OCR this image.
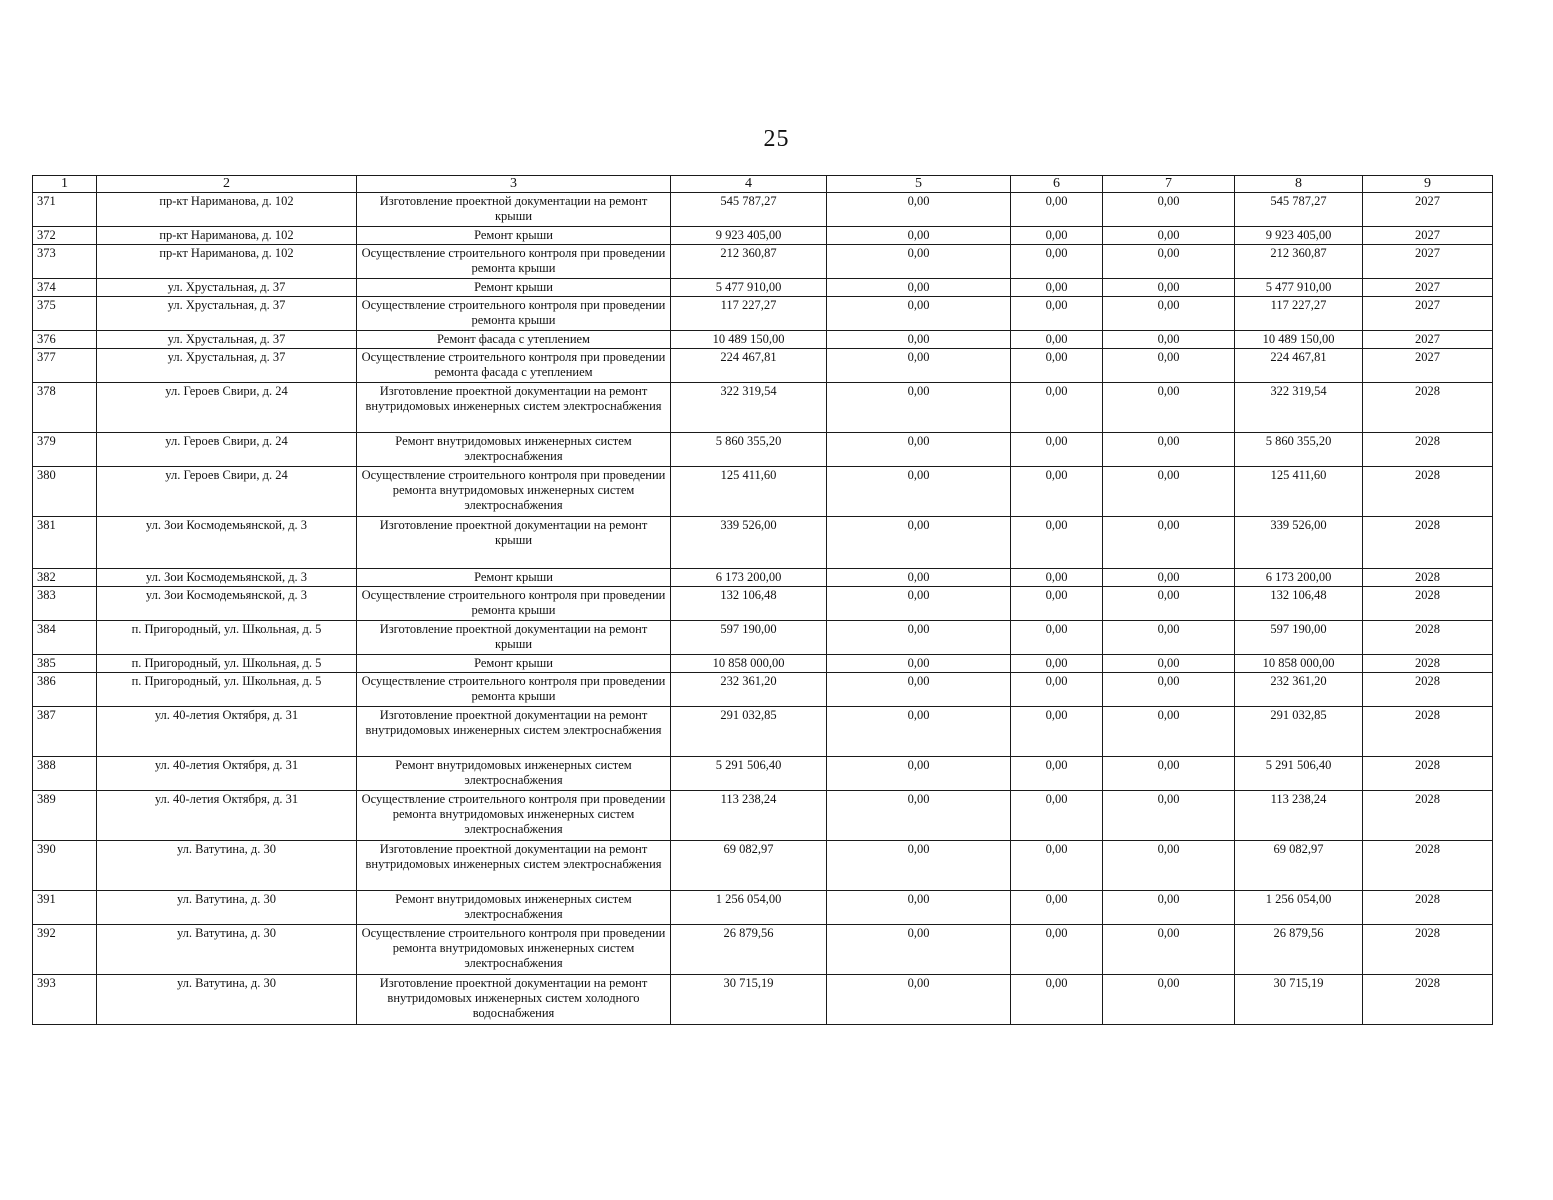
25
1	2	3	4	5	6	7	8	9
371	пр-кт Нариманова, д. 102	Изготовление проектной документации на ремонт крыши	545 787,27	0,00	0,00	0,00	545 787,27	2027
372	пр-кт Нариманова, д. 102	Ремонт крыши	9 923 405,00	0,00	0,00	0,00	9 923 405,00	2027
373	пр-кт Нариманова, д. 102	Осуществление строительного контроля при проведении ремонта крыши	212 360,87	0,00	0,00	0,00	212 360,87	2027
374	ул. Хрустальная, д. 37	Ремонт крыши	5 477 910,00	0,00	0,00	0,00	5 477 910,00	2027
375	ул. Хрустальная, д. 37	Осуществление строительного контроля при проведении ремонта крыши	117 227,27	0,00	0,00	0,00	117 227,27	2027
376	ул. Хрустальная, д. 37	Ремонт фасада с утеплением	10 489 150,00	0,00	0,00	0,00	10 489 150,00	2027
377	ул. Хрустальная, д. 37	Осуществление строительного контроля при проведении ремонта фасада с утеплением	224 467,81	0,00	0,00	0,00	224 467,81	2027
378	ул. Героев Свири, д. 24	Изготовление проектной документации на ремонт внутридомовых инженерных систем электроснабжения	322 319,54	0,00	0,00	0,00	322 319,54	2028
379	ул. Героев Свири, д. 24	Ремонт внутридомовых инженерных систем электроснабжения	5 860 355,20	0,00	0,00	0,00	5 860 355,20	2028
380	ул. Героев Свири, д. 24	Осуществление строительного контроля при проведении ремонта внутридомовых инженерных систем электроснабжения	125 411,60	0,00	0,00	0,00	125 411,60	2028
381	ул. Зои Космодемьянской, д. 3	Изготовление проектной документации на ремонт крыши	339 526,00	0,00	0,00	0,00	339 526,00	2028
382	ул. Зои Космодемьянской, д. 3	Ремонт крыши	6 173 200,00	0,00	0,00	0,00	6 173 200,00	2028
383	ул. Зои Космодемьянской, д. 3	Осуществление строительного контроля при проведении ремонта крыши	132 106,48	0,00	0,00	0,00	132 106,48	2028
384	п. Пригородный, ул. Школьная, д. 5	Изготовление проектной документации на ремонт крыши	597 190,00	0,00	0,00	0,00	597 190,00	2028
385	п. Пригородный, ул. Школьная, д. 5	Ремонт крыши	10 858 000,00	0,00	0,00	0,00	10 858 000,00	2028
386	п. Пригородный, ул. Школьная, д. 5	Осуществление строительного контроля при проведении ремонта крыши	232 361,20	0,00	0,00	0,00	232 361,20	2028
387	ул. 40-летия Октября, д. 31	Изготовление проектной документации на ремонт внутридомовых инженерных систем электроснабжения	291 032,85	0,00	0,00	0,00	291 032,85	2028
388	ул. 40-летия Октября, д. 31	Ремонт внутридомовых инженерных систем электроснабжения	5 291 506,40	0,00	0,00	0,00	5 291 506,40	2028
389	ул. 40-летия Октября, д. 31	Осуществление строительного контроля при проведении ремонта внутридомовых инженерных систем электроснабжения	113 238,24	0,00	0,00	0,00	113 238,24	2028
390	ул. Ватутина, д. 30	Изготовление проектной документации на ремонт внутридомовых инженерных систем электроснабжения	69 082,97	0,00	0,00	0,00	69 082,97	2028
391	ул. Ватутина, д. 30	Ремонт внутридомовых инженерных систем электроснабжения	1 256 054,00	0,00	0,00	0,00	1 256 054,00	2028
392	ул. Ватутина, д. 30	Осуществление строительного контроля при проведении ремонта внутридомовых инженерных систем электроснабжения	26 879,56	0,00	0,00	0,00	26 879,56	2028
393	ул. Ватутина, д. 30	Изготовление проектной документации на ремонт внутридомовых инженерных систем холодного водоснабжения	30 715,19	0,00	0,00	0,00	30 715,19	2028
